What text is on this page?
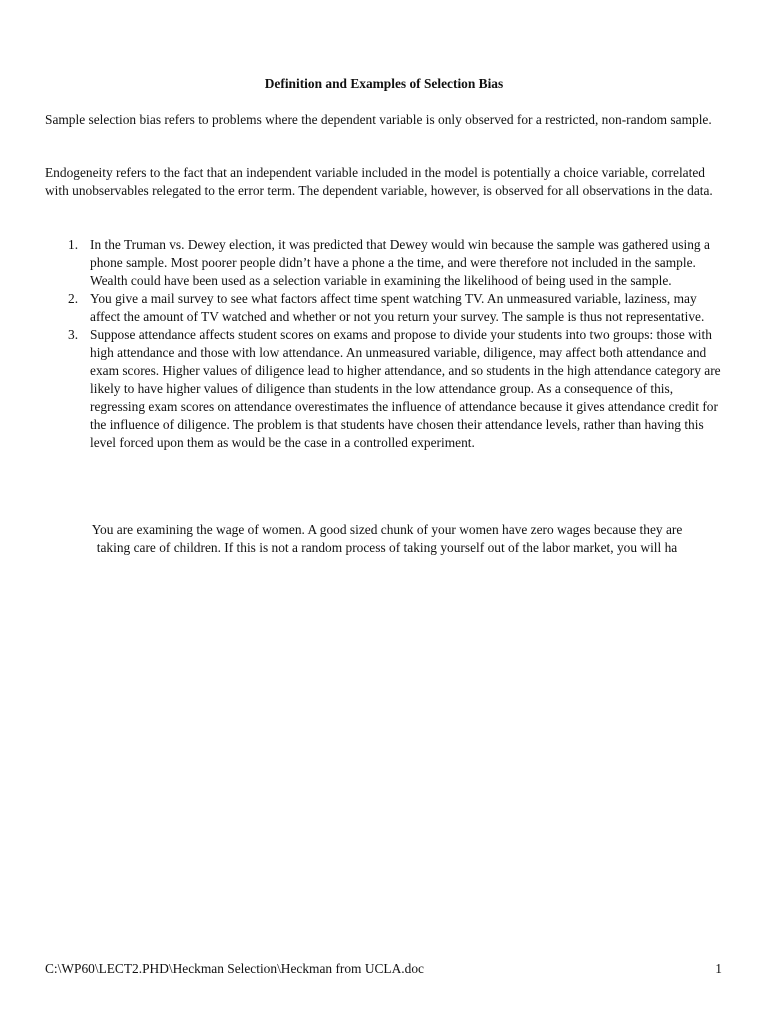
Definition and Examples of Selection Bias
Sample selection bias refers to problems where the dependent variable is only observed for a restricted, non-random sample.
Endogeneity refers to the fact that an independent variable included in the model is potentially a choice variable, correlated with unobservables relegated to the error term. The dependent variable, however, is observed for all observations in the data.
1. In the Truman vs. Dewey election, it was predicted that Dewey would win because the sample was gathered using a phone sample. Most poorer people didn’t have a phone a the time, and were therefore not included in the sample. Wealth could have been used as a selection variable in examining the likelihood of being used in the sample.
2. You give a mail survey to see what factors affect time spent watching TV. An unmeasured variable, laziness, may affect the amount of TV watched and whether or not you return your survey. The sample is thus not representative.
3. Suppose attendance affects student scores on exams and propose to divide your students into two groups: those with high attendance and those with low attendance. An unmeasured variable, diligence, may affect both attendance and exam scores. Higher values of diligence lead to higher attendance, and so students in the high attendance category are likely to have higher values of diligence than students in the low attendance group. As a consequence of this, regressing exam scores on attendance overestimates the influence of attendance because it gives attendance credit for the influence of diligence. The problem is that students have chosen their attendance levels, rather than having this level forced upon them as would be the case in a controlled experiment.
You are examining the wage of women. A good sized chunk of your women have zero wages because they are
taking care of children. If this is not a random process of taking yourself out of the labor market, you will ha
C:\WP60\LECT2.PHD\Heckman Selection\Heckman from UCLA.doc	1
